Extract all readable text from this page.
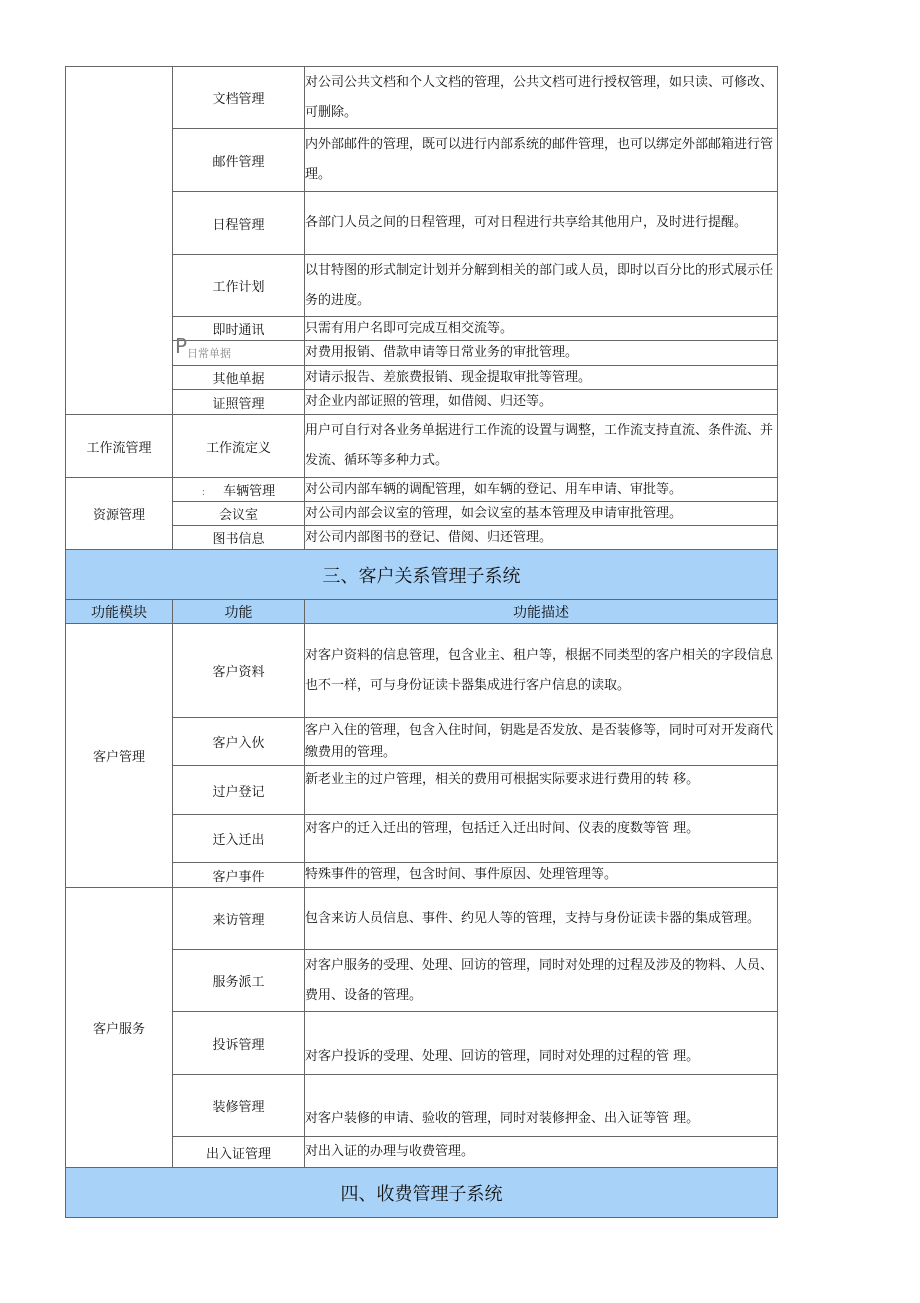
	文档管理	对公司公共文档和个人文档的管理，公共文档可进行授权管理，如只读、可修改、可删除。
	邮件管理	内外部邮件的管理，既可以进行内部系统的邮件管理，也可以绑定外部邮箱进行管理。
	日程管理	各部门人员之间的日程管理，可对日程进行共享给其他用户，及时进行提醒。
	工作计划	以甘特图的形式制定计划并分解到相关的部门或人员，即时以百分比的形式展示任务的进度。
	即时通讯	只需有用户名即可完成互相交流等。
	P日常单据	对费用报销、借款申请等日常业务的审批管理。
	其他单据	对请示报告、差旅费报销、现金提取审批等管理。
	证照管理	对企业内部证照的管理，如借阅、归还等。
工作流管理	工作流定义	用户可自行对各业务单据进行工作流的设置与调整，工作流支持直流、条件流、并发流、循环等多种力式。
资源管理	: 车辆管理	对公司内部车辆的调配管理，如车辆的登记、用车申请、审批等。
	会议室	对公司内部会议室的管理，如会议室的基本管理及申请审批管理。
	图书信息	对公司内部图书的登记、借阅、归还管理。
三、客户关系管理子系统		
功能模块	功能	功能描述
客户管理	客户资料	对客户资料的信息管理，包含业主、租户等，根据不同类型的客户相关的字段信息也不一样，可与身份证读卡器集成进行客户信息的读取。
	客户入伙	客户入住的管理，包含入住时间，钥匙是否发放、是否装修等，同时可对开发商代缴费用的管理。
	过户登记	新老业主的过户管理，相关的费用可根据实际要求进行费用的转 移。
	迁入迁出	对客户的迁入迁出的管理，包括迁入迁出时间、仪表的度数等管 理。
	客户事件	特殊事件的管理，包含时间、事件原因、处理管理等。
客户服务	来访管理	包含来访人员信息、事件、约见人等的管理，支持与身份证读卡器的集成管理。
	服务派工	对客户服务的受理、处理、回访的管理，同时对处理的过程及涉及的物料、人员、费用、设备的管理。
	投诉管理	对客户投诉的受理、处理、回访的管理，同时对处理的过程的管 理。
	装修管理	对客户装修的申请、验收的管理，同时对装修押金、出入证等管 理。
	出入证管理	对出入证的办理与收费管理。
四、收费管理子系统		
